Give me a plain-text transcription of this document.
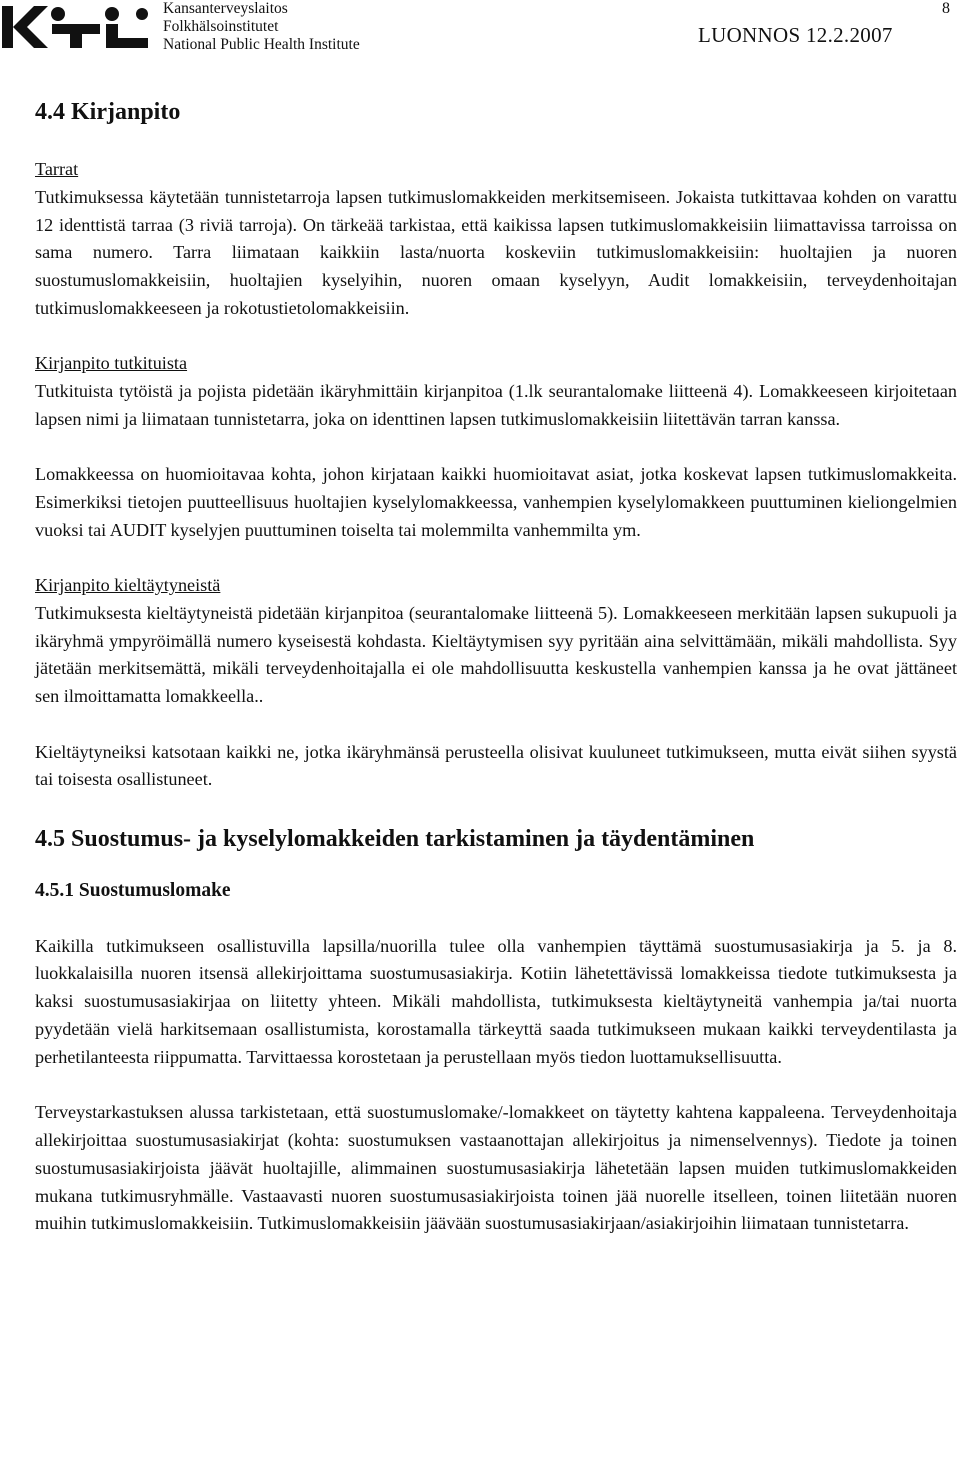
Kansanterveyslaitos
Folkhälsoinstitutet
National Public Health Institute	LUONNOS 12.2.2007
8

4.4 Kirjanpito

Tarrat

Tutkimuksessa käytetään tunnistetarroja lapsen tutkimuslomakkeiden merkitsemiseen. Jokaista tutkittavaa kohden on varattu 12 identtistä tarraa (3 riviä tarroja). On tärkeää tarkistaa, että kaikissa lapsen tutkimuslomakkeisiin liimattavissa tarroissa on sama numero. Tarra liimataan kaikkiin lasta/nuorta koskeviin tutkimuslomakkeisiin: huoltajien ja nuoren suostumuslomakkeisiin, huoltajien kyselyihin, nuoren omaan kyselyyn, Audit lomakkeisiin, terveydenhoitajan tutkimuslomakkeeseen ja rokotustietolomakkeisiin.

Kirjanpito tutkituista

Tutkituista tytöistä ja pojista pidetään ikäryhmittäin kirjanpitoa (1.lk seurantalomake liitteenä 4). Lomakkeeseen kirjoitetaan lapsen nimi ja liimataan tunnistetarra, joka on identtinen lapsen tutkimuslomakkeisiin liitettävän tarran kanssa.

Lomakkeessa on huomioitavaa kohta, johon kirjataan kaikki huomioitavat asiat, jotka koskevat lapsen tutkimuslomakkeita. Esimerkiksi tietojen puutteellisuus huoltajien kyselylomakkeessa, vanhempien kyselylomakkeen puuttuminen kieliongelmien vuoksi tai AUDIT kyselyjen puuttuminen toiselta tai molemmilta vanhemmilta ym.

Kirjanpito kieltäytyneistä

Tutkimuksesta kieltäytyneistä pidetään kirjanpitoa (seurantalomake liitteenä 5). Lomakkeeseen merkitään lapsen sukupuoli ja ikäryhmä ympyröimällä numero kyseisestä kohdasta. Kieltäytymisen syy pyritään aina selvittämään, mikäli mahdollista. Syy jätetään merkitsemättä, mikäli terveydenhoitajalla ei ole mahdollisuutta keskustella vanhempien kanssa ja he ovat jättäneet sen ilmoittamatta lomakkeella..

Kieltäytyneiksi katsotaan kaikki ne, jotka ikäryhmänsä perusteella olisivat kuuluneet tutkimukseen, mutta eivät siihen syystä tai toisesta osallistuneet.

4.5 Suostumus- ja kyselylomakkeiden tarkistaminen ja täydentäminen

4.5.1 Suostumuslomake

Kaikilla tutkimukseen osallistuvilla lapsilla/nuorilla tulee olla vanhempien täyttämä suostumusasiakirja ja 5. ja 8. luokkalaisilla nuoren itsensä allekirjoittama suostumusasiakirja. Kotiin lähetettävissä lomakkeissa tiedote tutkimuksesta ja kaksi suostumusasiakirjaa on liitetty yhteen. Mikäli mahdollista, tutkimuksesta kieltäytyneitä vanhempia ja/tai nuorta pyydetään vielä harkitsemaan osallistumista, korostamalla tärkeyttä saada tutkimukseen mukaan kaikki terveydentilasta ja perhetilanteesta riippumatta. Tarvittaessa korostetaan ja perustellaan myös tiedon luottamuksellisuutta.

Terveystarkastuksen alussa tarkistetaan, että suostumuslomake/-lomakkeet on täytetty kahtena kappaleena. Terveydenhoitaja allekirjoittaa suostumusasiakirjat (kohta: suostumuksen vastaanottajan allekirjoitus ja nimenselvennys). Tiedote ja toinen suostumusasiakirjoista jäävät huoltajille, alimmainen suostumusasiakirja lähetetään lapsen muiden tutkimuslomakkeiden mukana tutkimusryhmälle. Vastaavasti nuoren suostumusasiakirjoista toinen jää nuorelle itselleen, toinen liitetään nuoren muihin tutkimuslomakkeisiin. Tutkimuslomakkeisiin jäävään suostumusasiakirjaan/asiakirjoihin liimataan tunnistetarra.
